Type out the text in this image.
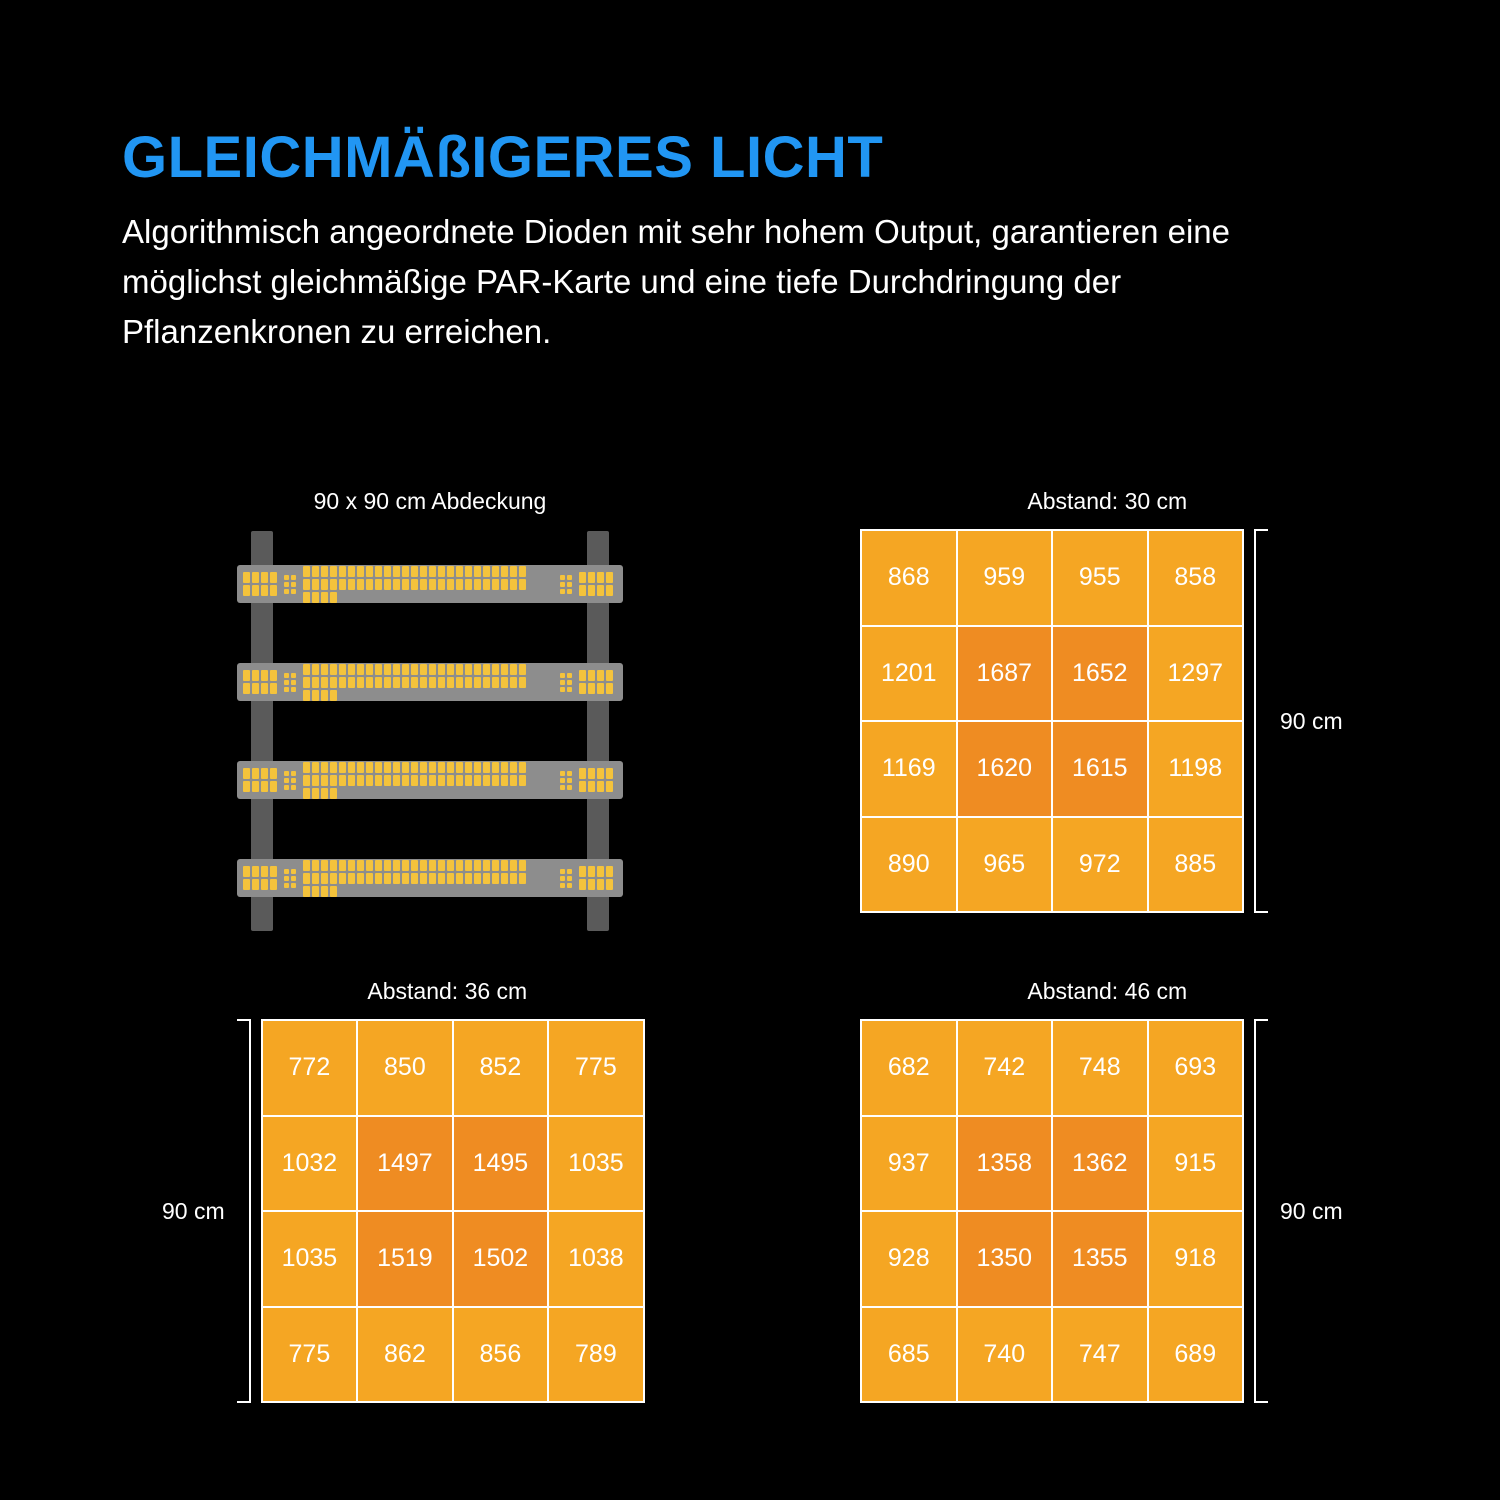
GLEICHMÄßIGERES LICHT

Algorithmisch angeordnete Dioden mit sehr hohem Output, garantieren eine möglichst gleichmäßige PAR-Karte und eine tiefe Durchdringung der Pflanzenkronen zu erreichen.

90 x 90 cm Abdeckung	Abstand: 30 cm
868	959	955	858
1201	1687	1652	1297
1169	1620	1615	1198
890	965	972	885
90 cm
Abstand: 36 cm
90 cm
772	850	852	775
1032	1497	1495	1035
1035	1519	1502	1038
775	862	856	789
Abstand: 46 cm
682	742	748	693
937	1358	1362	915
928	1350	1355	918
685	740	747	689
90 cm
